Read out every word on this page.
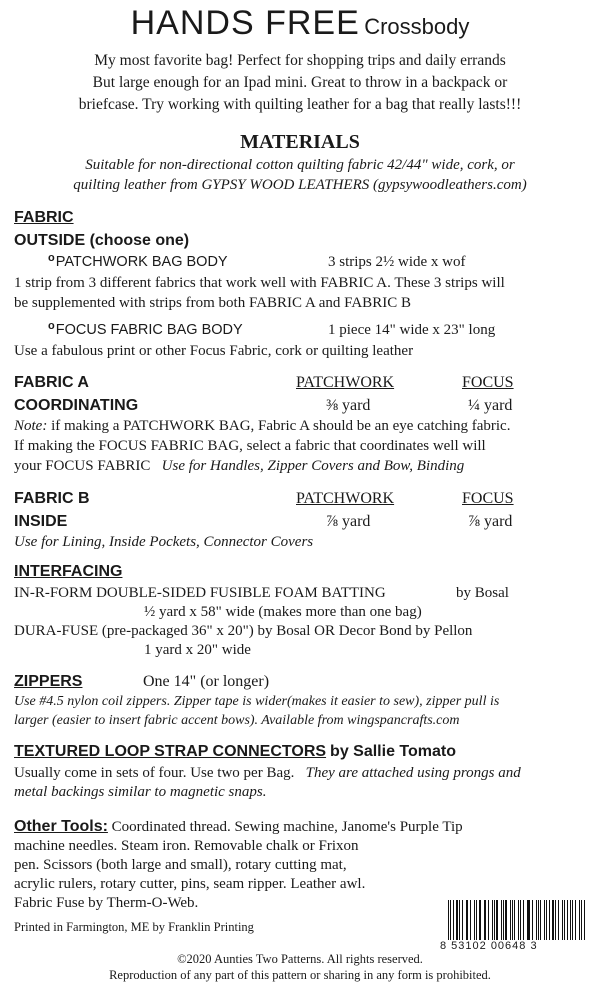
HANDS FREE Crossbody
My most favorite bag! Perfect for shopping trips and daily errands
But large enough for an Ipad mini. Great to throw in a backpack or
briefcase. Try working with quilting leather for a bag that really lasts!!!
MATERIALS
Suitable for non-directional cotton quilting fabric 42/44" wide, cork, or
quilting leather from GYPSY WOOD LEATHERS (gypsywoodleathers.com)
FABRIC
OUTSIDE (choose one)
$^o$PATCHWORK BAG BODY	3 strips 2½ wide x wof
1 strip from 3 different fabrics that work well with FABRIC A. These 3 strips will
be supplemented with strips from both FABRIC A and FABRIC B
$^o$FOCUS FABRIC BAG BODY	1 piece 14" wide x 23" long
Use a fabulous print or other Focus Fabric, cork or quilting leather
FABRIC A	PATCHWORK	FOCUS
COORDINATING	⅜ yard	¼ yard
Note: if making a PATCHWORK BAG, Fabric A should be an eye catching fabric.
If making the FOCUS FABRIC BAG, select a fabric that coordinates well will
your FOCUS FABRIC Use for Handles, Zipper Covers and Bow, Binding
FABRIC B	PATCHWORK	FOCUS
INSIDE	⅞ yard	⅞ yard
Use for Lining, Inside Pockets, Connector Covers
INTERFACING
IN-R-FORM DOUBLE-SIDED FUSIBLE FOAM BATTING	by Bosal
½ yard x 58" wide (makes more than one bag)
DURA-FUSE (pre-packaged 36" x 20") by Bosal OR Decor Bond by Pellon
1 yard x 20" wide
ZIPPERS	One 14" (or longer)
Use #4.5 nylon coil zippers. Zipper tape is wider(makes it easier to sew), zipper pull is
larger (easier to insert fabric accent bows). Available from wingspancrafts.com
TEXTURED LOOP STRAP CONNECTORS by Sallie Tomato
Usually come in sets of four. Use two per Bag. They are attached using prongs and
metal backings similar to magnetic snaps.
Other Tools: Coordinated thread. Sewing machine, Janome's Purple Tip
machine needles. Steam iron. Removable chalk or Frixon
pen. Scissors (both large and small), rotary cutting mat,
acrylic rulers, rotary cutter, pins, seam ripper. Leather awl.
Fabric Fuse by Therm-O-Web.
Printed in Farmington, ME by Franklin Printing
8 53102 00648 3
©2020 Aunties Two Patterns. All rights reserved.
Reproduction of any part of this pattern or sharing in any form is prohibited.
